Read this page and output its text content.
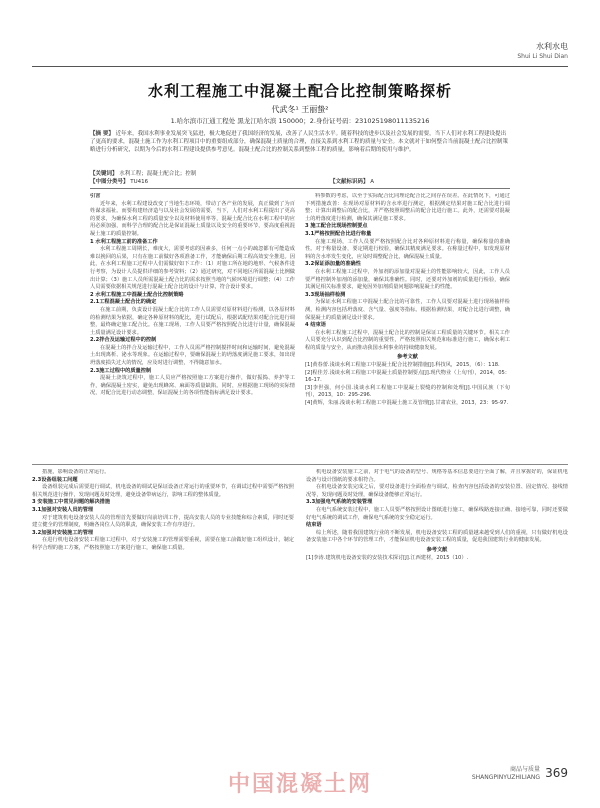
水利水电
Shui Li Shui Dian
水利工程施工中混凝土配合比控制策略探析
代武冬¹ 王丽蛰²
1.哈尔滨市江通工程处 黑龙江哈尔滨 150000；2.身份证号码：231025198011135216
【摘 要】 近年来，我国水利事业发展突飞猛进，极大地促进了我国经济的发展，改善了人民生活水平。随着科技的进步以及社会发展的需要，当下人们对水利工程建设提出了更高的要求，混凝土施工作为水利工程项目中的重要组成部分，确保混凝土质量的合理，直接关系到水利工程的质量与安全。本文就对于如何整合当前混凝土配合比控制策略进行分析研究，以期为今后的水利工程建设提供参考意见。混凝土配合比的控制关系到整体工程的质量，影响着后期的使用与维护。
【关键词】 水利工程；混凝土配合比；控制
【中图分类号】 TU416	【文献标识码】 A

引言

近年来，水利工程建设改变了当地生态环境，带动了各产业的发展，真正做到了为百姓谋求福祉。而要构建经济造与以及社会发展的需要，当下，人们对水利工程提出了更高的要求，为确保水利工程的质量安全以及材料使用率等，混凝土配合比在水利工程中的应用必须加强，而科学合理的配合比是保证混凝土质量以及安全的重要环节，要高度重视混凝土施工的质量控制。

1 水利工程施工前的准备工作

水利工程施工周期长，难度大，需要考虑的因素多，任何一点小的疏忽都有可能造成难以挽回的后果，只有在施工前做好各项准备工作，才能确保后期工程高效安全推进。因此，在水利工程施工过程中人们需做好如下工作：（1）对施工所在地的地形、气候条件进行考察，为设计人员提供详细的参考资料；（2）通过研究，对不同地区所需混凝土比例做出计算；（3）施工人员所需混凝土配合比的需求按照当地的气候环境进行调整；（4）工作人员需要依据相关规范进行混凝土配合比的设计与计算，符合设计要求。

2 水利工程施工中混凝土配合比控制策略

2.1工程混凝土配合比的确定

在施工前期，负责设计混凝土配合比的工作人员需要对原材料进行检测，以各原材料的检测结果为依据，确定各种原材料的配比，进行试配后，根据试配结果对配合比进行调整，最终确定施工配合比。在施工现场，工作人员要严格按照配合比进行计量，确保混凝土质量满足设计要求。

2.2拌合及运输过程中的控制

在混凝土的拌合及运输过程中，工作人员需严格控制搅拌时间和运输时间，避免混凝土出现离析、泌水等现象。在运输过程中，要确保混凝土的坍落度满足施工要求，如出现坍落度损失过大的情况，应及时进行调整，不得随意加水。

2.3施工过程中的质量控制

混凝土浇筑过程中，施工人员应严格按照施工方案进行操作，做好振捣、养护等工作，确保混凝土密实，避免出现蜂窝、麻面等质量缺陷。同时，应根据施工现场的实际情况，对配合比进行动态调整，保证混凝土的各项性能指标满足设计要求。

料参数的考虑，以至于实际配合比同理论配合比之间存在误差。在此情况下，可通过下列措施改善：在现场对原材料的含水率进行测定，根据测定结果对施工配合比进行调整；计算出调整后的配合比，并严格按照调整后的配合比进行施工。此外，还需要对混凝土的坍落度进行检测，确保其满足施工要求。

3 施工配合比现场控制要点

3.1严格按照配合比进行称量

在施工现场，工作人员要严格按照配合比对各种原材料进行称量，确保称量的准确性。对于称量设备，要定期进行校验，确保其精度满足要求。在称量过程中，如发现原材料的含水率发生变化，应及时调整配合比，确保混凝土质量。

3.2保证添加量的准确性

在水利工程施工过程中，外加剂的添加量对混凝土的性能影响较大，因此，工作人员要严格控制外加剂的添加量，确保其准确性。同时，还要对外加剂的质量进行检验，确保其满足相关标准要求，避免因外加剂质量问题影响混凝土的性能。

3.3现场抽样检测

为保证水利工程施工中混凝土配合比的可靠性，工作人员要对混凝土进行现场抽样检测，检测内容包括坍落度、含气量、强度等指标。根据检测结果，对配合比进行调整，确保混凝土的质量满足设计要求。

4 结束语

在水利工程施工过程中，混凝土配合比的控制是保证工程质量的关键环节。相关工作人员要充分认识到配合比控制的重要性，严格按照相关规范和标准进行施工，确保水利工程的质量与安全，从而推动我国水利事业的持续健康发展。

参考文献

[1]黄春蕾.浅谈水利工程施工中混凝土配合比控制措施[J].科技风，2015，（6）：118.

[2]程佳芳.浅谈水利工程施工中混凝土质量控制要点[J].现代物业（上旬刊），2014，05：16-17.

[3]李世强，何小国.浅谈水利工程施工中混凝土裂缝的控制和处理[J].中国民族（下旬刊），2013，10：295-296.

[4]黄辉，朱丽.浅谈水利工程施工中混凝土施工及管理[J].甘肃农业，2013，23：95-97.

措施，影响设备的正常运行。

2.3设备组装工问题

设备组装完成后需要进行调试，机电设备的调试是保证设备正常运行的重要环节，在调试过程中需要严格按照相关规范进行操作，发现问题及时处理，避免设备带病运行，影响工程的整体质量。

3 安装施工中常见问题的解决措施

3.1加强对安装人员的管理

对于建筑机电设备安装人员的管理首先要做好岗前培训工作，提高安装人员的专业技能和综合素质，同时还要建立健全的管理制度，明确各岗位人员的职责，确保安装工作有序进行。

3.2加强对安装施工的管理

在进行机电设备安装工程施工过程中，对于安装施工的管理需要重视，需要在施工前做好施工组织设计，制定科学合理的施工方案，严格按照施工方案进行施工，确保施工质量。

机电设备安装施工之前，对于电气的设备的型号、规格等基本信息要进行全面了解，并且掌握好的，保证机电设备与设计图纸的要求相符合。

在机电设备安装完成之后，要对设备进行全面检查与调试，检查内容包括设备的安装位置、固定情况、接线情况等，发现问题及时处理，确保设备能够正常运行。

3.3加强电气系统的安装管理

在电气系统安装过程中，施工人员要严格按照设计图纸进行施工，确保线路连接正确、接地可靠，同时还要做好电气系统的调试工作，确保电气系统的安全稳定运行。

结束语

综上所述，随着我国建筑行业的不断发展，机电设备安装工程的质量越来越受到人们的重视，只有做好机电设备安装施工中各个环节的管理工作，才能保证机电设备安装工程的质量，促进我国建筑行业的健康发展。

参考文献

[1]李涛.建筑机电设备安装的安装技术探讨[J].江西建材，2015（10）.

中国混凝土网
商品与质量
SHANGPINYUZHILIANG 369
